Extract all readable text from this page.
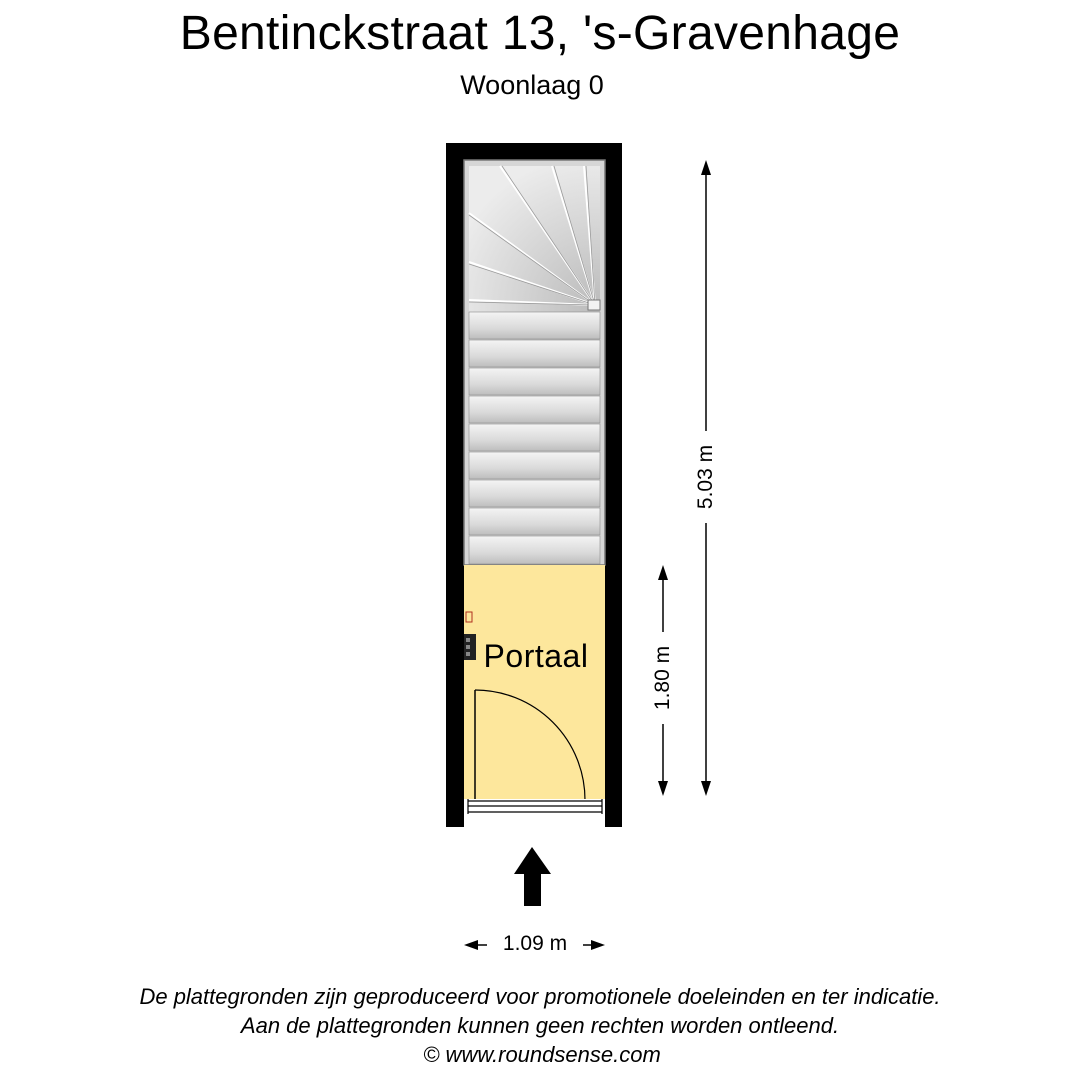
Bentinckstraat 13, 's-Gravenhage
Woonlaag 0
Portaal
5.03 m
1.80 m
1.09 m
De plattegronden zijn geproduceerd voor promotionele doeleinden en ter indicatie.
Aan de plattegronden kunnen geen rechten worden ontleend.
© www.roundsense.com
